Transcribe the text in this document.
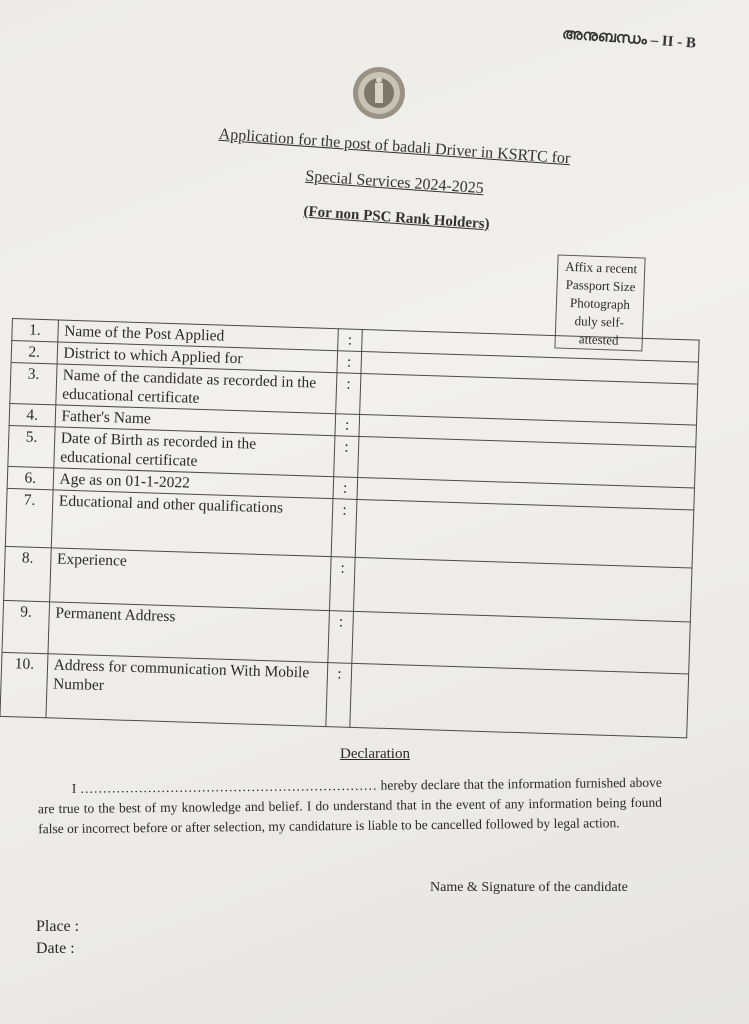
അനുബന്ധം – II - B
Application for the post of badali Driver in KSRTC for
Special Services 2024-2025
(For non PSC Rank Holders)
Affix a recent Passport Size Photograph duly self-attested
1.	Name of the Post Applied	:	
2.	District to which Applied for	:	
3.	Name of the candidate as recorded in the educational certificate	:	
4.	Father's Name	:	
5.	Date of Birth as recorded in the educational certificate	:	
6.	Age as on 01-1-2022	:	
7.	Educational and other qualifications	:	
8.	Experience	:	
9.	Permanent Address	:	
10.	Address for communication With Mobile Number	:	
Declaration
I ………………………………………………………… hereby declare that the information furnished above are true to the best of my knowledge and belief. I do understand that in the event of any information being found false or incorrect before or after selection, my candidature is liable to be cancelled followed by legal action.
Name & Signature of the candidate
Place :
Date :
